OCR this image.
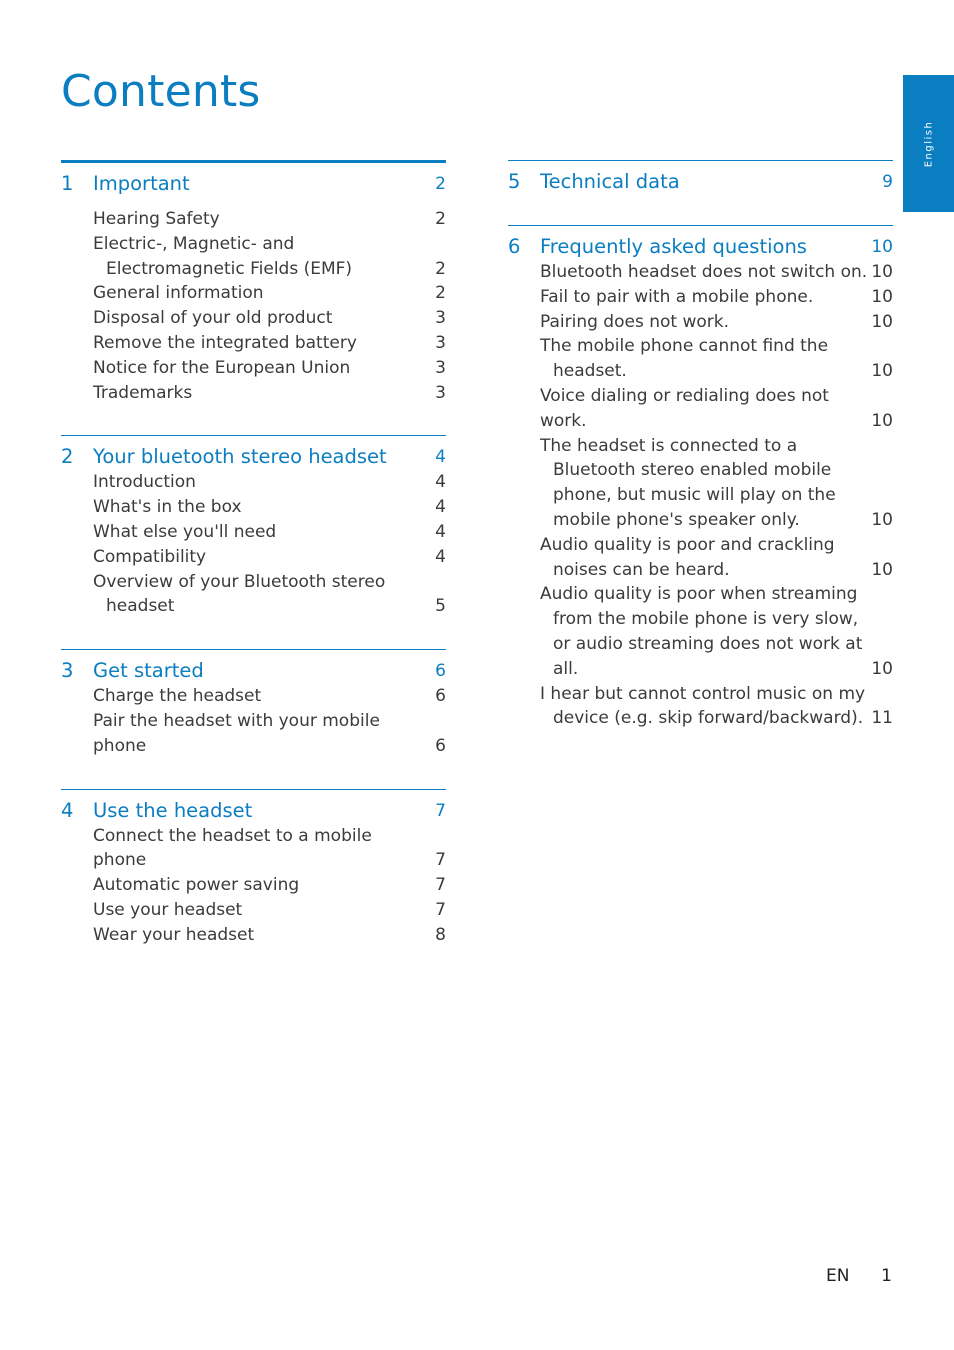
Contents
English
1	Important	2
Hearing Safety	2
Electric-, Magnetic- and
Electromagnetic Fields (EMF)	2
General information	2
Disposal of your old product	3
Remove the integrated battery	3
Notice for the European Union	3
Trademarks	3
2	Your bluetooth stereo headset	4
Introduction	4
What's in the box	4
What else you'll need	4
Compatibility	4
Overview of your Bluetooth stereo
headset	5
3	Get started	6
Charge the headset	6
Pair the headset with your mobile phone	6
4	Use the headset	7
Connect the headset to a mobile phone	7
Automatic power saving	7
Use your headset	7
Wear your headset	8
5	Technical data	9
6	Frequently asked questions	10
Bluetooth headset does not switch on. 10
Fail to pair with a mobile phone.	10
Pairing does not work.	10
The mobile phone cannot find the
headset.	10
Voice dialing or redialing does not work.	10
The headset is connected to a
Bluetooth stereo enabled mobile
phone, but music will play on the
mobile phone's speaker only.	10
Audio quality is poor and crackling
noises can be heard.	10
Audio quality is poor when streaming
from the mobile phone is very slow,
or audio streaming does not work at all.	10
I hear but cannot control music on my
device (e.g. skip forward/backward). 11
EN 1
